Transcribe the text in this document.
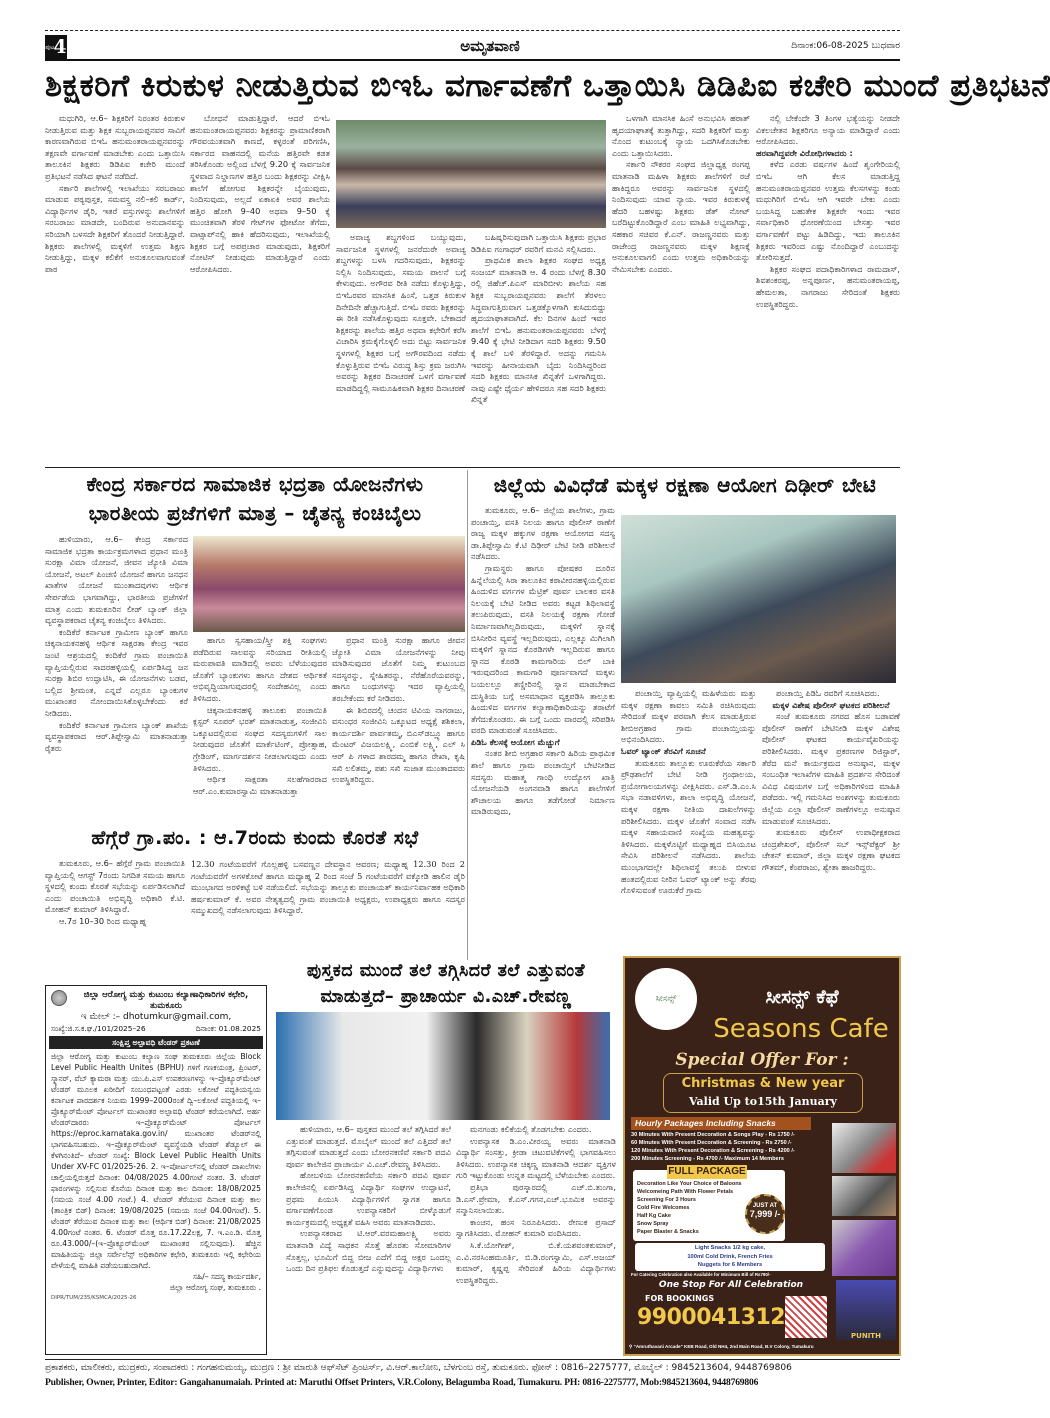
ಪುಟ 4	ಅಮೃತವಾಣಿ	ದಿನಾಂಕ:06-08-2025 ಬುಧವಾರ
ಶಿಕ್ಷಕರಿಗೆ ಕಿರುಕುಳ ನೀಡುತ್ತಿರುವ ಬಿಇಓ ವರ್ಗಾವಣೆಗೆ ಒತ್ತಾಯಿಸಿ ಡಿಡಿಪಿಐ ಕಚೇರಿ ಮುಂದೆ ಪ್ರತಿಭಟನೆ

ಮಧುಗಿರಿ, ಆ.6– ಶಿಕ್ಷಕರಿಗೆ ನಿರಂತರ ಕಿರುಕುಳ ನೀಡುತ್ತಿರುವ ಮತ್ತು ಶಿಕ್ಷಕ ಸುಬ್ಬರಾಯಪ್ಪನವರ ಸಾವಿಗೆ ಕಾರಣವಾಗಿರುವ ಬಿಇಓ ಹನುಮಂತರಾಯಪ್ಪನವರನ್ನು ತಕ್ಷಣವೇ ವರ್ಗಾವಣೆ ಮಾಡಬೇಕು ಎಂದು ಒತ್ತಾಯಿಸಿ ತಾಲೂಕಿನ ಶಿಕ್ಷಕರು ಡಿಡಿಪಿಐ ಕಚೇರಿ ಮುಂದೆ ಪ್ರತಿಭಟನೆ ನಡೆಸಿದ ಘಟನೆ ನಡೆದಿದೆ.

ಸರ್ಕಾರಿ ಶಾಲೆಗಳಲ್ಲಿ ಇಲಾಖೆಯು ಸರಬರಾಜು ಮಾಡುವ ಪಠ್ಯಪುಸ್ತಕ, ಸಮವಸ್ತ್ರ ನಲಿ–ಕಲಿ ಕಾರ್ಡ್, ವಿದ್ಯಾರ್ಥಿಗಳ ಡೈರಿ, ಇತರೆ ವಸ್ತುಗಳನ್ನು ಶಾಲೆಗಳಿಗೆ ಸರಬರಾಜು ಮಾಡದೇ, ಬಂದಿರುವ ಅನುದಾನವನ್ನು ಸರಿಯಾಗಿ ಬಳಸದೇ ಶಿಕ್ಷಕರಿಗೆ ತೊಂದರೆ ನೀಡುತ್ತಿದ್ದಾರೆ. ಶಿಕ್ಷಕರು ಶಾಲೆಗಳಲ್ಲಿ ಮಕ್ಕಳಿಗೆ ಉತ್ತಮ ಶಿಕ್ಷಣ ನೀಡುತ್ತಿದ್ದು, ಮಕ್ಕಳ ಕಲಿಕೆಗೆ ಅನುಕೂಲವಾಗುವಂತೆ ಪಾಠ

ಬೋಧನೆ ಮಾಡುತ್ತಿದ್ದಾರೆ. ಆದರೆ ಬಿಇಓ ಹನುಮಂತರಾಯಪ್ಪನವರು ಶಿಕ್ಷಕರನ್ನು ಪ್ರಾಮಾಣಿಕರಾಗಿ ಗೌರವಯುತವಾಗಿ ಕಾಣದೆ, ಕಳ್ಳರಂತೆ ಪರಿಗಣಿಸಿ, ಸರ್ಕಾರದ ವಾಹನದಲ್ಲಿ ಮನೆಯ ಹತ್ತಿರವೇ ಕಡತ ತರಿಸಿಕೊಂಡು ಅಲ್ಲಿಂದ ಬೆಳಗ್ಗೆ 9.20 ಕ್ಕೆ ಸಾರ್ವಜನಿಕ ಸ್ಥಳವಾದ ನಿಲ್ದಾಣಗಳ ಹತ್ತಿರ ಬಂದು ಶಿಕ್ಷಕರನ್ನು ವೀಕ್ಷಿಸಿ ಶಾಲೆಗೆ ಹೋಗುವ ಶಿಕ್ಷಕರನ್ನೇ ಬೈಯುವುದು, ನಿಂದಿಸುವುದು, ಅಲ್ಲದೆ ಏಕಾಏಕಿ ಅವರ ಶಾಲೆಯ ಹತ್ತಿರ ಹೋಗಿ 9–40 ಅಥವಾ 9–50 ಕ್ಕೆ ಮುಂಚಿತವಾಗಿ ತೆರಳಿ ಗೇಟ್‌ಗಳ ಫೋಟೋ ತೆಗೆದು, ವಾಟ್ಸಾಪ್‌ನಲ್ಲಿ ಹಾಕಿ ಹೆದರಿಸುವುದು, ಇಲಾಖೆಯಲ್ಲಿ ಶಿಕ್ಷಕರ ಬಗ್ಗೆ ಅಪಪ್ರಚಾರ ಮಾಡುವುದು, ಶಿಕ್ಷಕರಿಗೆ ನೋಟಿಸ್ ನೀಡುವುದು ಮಾಡುತ್ತಿದ್ದಾರೆ ಎಂದು ಆರೋಪಿಸಿದರು.

ಅವಾಚ್ಯ ಶಬ್ದಗಳಿಂದ ಬಯ್ಯುವುದು, ಸಾರ್ವಜನಿಕ ಸ್ಥಳಗಳಲ್ಲಿ ಜನರೆದುರೇ ಅವಾಚ್ಯ ಶಬ್ದಗಳನ್ನು ಬಳಸಿ ಗದರಿಸುವುದು, ಶಿಕ್ಷಕರನ್ನು ನಿಲ್ಲಿಸಿ ನಿಂದಿಸುವುದು, ಸಮಯ ಪಾಲನೆ ಬಗ್ಗೆ ಕೇಳುವುದು. ಅಗೌರವ ರೀತಿ ನಡೆದು ಕೊಳ್ಳುತ್ತಿದ್ದು, ಬಿಇಓರವರ ಮಾನಸಿಕ ಹಿಂಸೆ, ಒತ್ತಡ ಕಿರುಕುಳ ದಿನೇದಿನೇ ಹೆಚ್ಚಾಗುತ್ತಿದೆ. ಬಿಇಓ ರವರು ಶಿಕ್ಷಕರನ್ನು ಈ ರೀತಿ ನಡೆಸಿಕೊಳ್ಳುವುದು ಸೂಕ್ತವೇ. ಬೇಕಾದರೆ ಶಿಕ್ಷಕರನ್ನು ಶಾಲೆಯ ಹತ್ತಿರ ಅಥವಾ ಕಛೇರಿಗೆ ಕರೆಸಿ ವಿಚಾರಿಸಿ ಕ್ರಮಕೈಗೊಳ್ಳಲಿ ಅದು ಬಿಟ್ಟು ಸಾರ್ವಜನಿಕ ಸ್ಥಳಗಳಲ್ಲಿ ಶಿಕ್ಷಕರ ಬಗ್ಗೆ ಅಗೌರವದಿಂದ ನಡೆದು ಕೊಳ್ಳುತ್ತಿರುವ ಬಿಇಓ ವಿರುದ್ಧ ಶಿಸ್ತು ಕ್ರಮ ಜರುಗಿಸಿ ಅವರನ್ನು ಶಿಕ್ಷಕರ ದಿನಾಚರಣೆ ಒಳಗೆ ವರ್ಗಾವಣೆ ಮಾಡದಿದ್ದಲ್ಲಿ ಸಾಮೂಹಿಕವಾಗಿ ಶಿಕ್ಷಕರ ದಿನಾಚರಣೆ

ಬಹಿಷ್ಕರಿಸುವುದಾಗಿ ಒತ್ತಾಯಿಸಿ ಶಿಕ್ಷಕರು ಪ್ರಭಾರ ಡಿಡಿಪಿಐ ಗಂಗಾಧರ್ ರವರಿಗೆ ಮನವಿ ಸಲ್ಲಿಸಿದರು.

ಪ್ರಾಥಮಿಕ ಶಾಲಾ ಶಿಕ್ಷಕರ ಸಂಘದ ಅಧ್ಯಕ್ಷ ಸಂಜಯ್ ಮಾತನಾಡಿ ಆ. 4 ರಂದು ಬೆಳಗ್ಗೆ 8.30 ರಲ್ಲಿ ಜಿಹೆಚ್.ಪಿಎಸ್ ಮಾರಿಬೀಳು ಶಾಲೆಯ ಸಹ ಶಿಕ್ಷಕ ಸುಬ್ಬರಾಯಪ್ಪನವರು ಶಾಲೆಗೆ ತೆರಳಲು ಸಿದ್ಧವಾಗುತ್ತಿರುವಾಗ ಒತ್ತಡಕ್ಕೊಳಗಾಗಿ ಕುಸಿದುಬಿದ್ದು ಹೃದಯಾಘಾತವಾಗಿದೆ. ಕೆಲ ದಿನಗಳ ಹಿಂದೆ ಇವರ ಶಾಲೆಗೆ ಬಿಇಓ ಹನುಮಂತರಾಯಪ್ಪನವರು ಬೆಳಗ್ಗೆ 9.40 ಕ್ಕೆ ಭೇಟಿ ನೀಡಿದಾಗ ಸದರಿ ಶಿಕ್ಷಕರು 9.50 ಕ್ಕೆ ಶಾಲೆ ಬಳಿ ತೆರಳಿದ್ದಾರೆ. ಅದನ್ನು ಗಮನಿಸಿ ಇವರನ್ನು ಹೀನಾಯವಾಗಿ ಬೈದು ನಿಂದಿಸಿದ್ದರಿಂದ ಸದರಿ ಶಿಕ್ಷಕರು ಮಾನಸಿಕ ಖಿನ್ನತೆಗೆ ಒಳಗಾಗಿದ್ದರು. ನಾವು ಎಷ್ಟೇ ಧೈರ್ಯ ಹೇಳಿದರೂ ಸಹ ಸದರಿ ಶಿಕ್ಷಕರು ಖಿನ್ನತೆ

ಒಳಗಾಗಿ ಮಾನಸಿಕ ಹಿಂಸೆ ಅನುಭವಿಸಿ ಹಠಾತ್ ಹೃದಯಾಘಾತಕ್ಕೆ ತುತ್ತಾಗಿದ್ದು, ಸದರಿ ಶಿಕ್ಷಕರಿಗೆ ಮತ್ತು ನೊಂದ ಕುಟುಂಬಕ್ಕೆ ನ್ಯಾಯ ಒದಗಿಸಿಕೊಡಬೇಕು ಎಂದು ಒತ್ತಾಯಿಸಿದರು.

ಸರ್ಕಾರಿ ನೌಕರರ ಸಂಘದ ಜಿಲ್ಲಾಧ್ಯಕ್ಷ ರಂಗಪ್ಪ ಮಾತನಾಡಿ ಮಹಿಳಾ ಶಿಕ್ಷಕರು ಶಾಲೆಗಳಿಗೆ ರಜೆ ಹಾಕಿದ್ದರೂ ಅವರನ್ನು ಸಾರ್ವಜನಿಕ ಸ್ಥಳದಲ್ಲಿ ನಿಂದಿಸುವುದು ಯಾವ ನ್ಯಾಯ. ಇವರ ಕಿರುಕುಳಕ್ಕೆ ಹೆದರಿ ಬಹಳಷ್ಟು ಶಿಕ್ಷಕರು ಡೆತ್ ನೋಟ್ ಬರೆದಿಟ್ಟುಕೊಂಡಿದ್ದಾರೆ ಎಂಬ ಮಾಹಿತಿ ಲಭ್ಯವಾಗಿದ್ದು, ಸಹಕಾರ ಸಚಿವರ ಕೆ.ಎನ್. ರಾಜಣ್ಣನವರು ಮತ್ತು ರಾಜೇಂದ್ರ ರಾಜಣ್ಣನವರು ಮಕ್ಕಳ ಶಿಕ್ಷಣಕ್ಕೆ ಅನುಕೂಲವಾಗಲಿ ಎಂದು ಉತ್ತಮ ಅಧಿಕಾರಿಯನ್ನು ನೇಮಿಸಬೇಕು ಎಂದರು.

ನಲ್ಲಿ ಬೇಕೆಂದೇ 3 ತಿಂಗಳ ಭತ್ಯೆಯನ್ನು ನೀಡದೇ ವಿಕಲಚೇತನ ಶಿಕ್ಷಕರಿಗೂ ಅನ್ಯಾಯ ಮಾಡಿದ್ದಾರೆ ಎಂದು ಆರೋಪಿಸಿದರು.

ಹರವಾಗಿದ್ದವರೇ ವಿರೋಧಿಗಳಾದರು :

ಕಳೆದ ಎರಡು ವರ್ಷಗಳ ಹಿಂದೆ ಶೃಂಗೇರಿಯಲ್ಲಿ ಬಿಇಓ ಆಗಿ ಕೆಲಸ ಮಾಡುತ್ತಿದ್ದ ಹನುಮಂತರಾಯಪ್ಪನವರ ಉತ್ತಮ ಕೆಲಸಗಳನ್ನು ಕಂಡು ಮಧುಗಿರಿಗೆ ಬಿಇಓ ಆಗಿ ಇವರೇ ಬೇಕು ಎಂದು ಬಯಸಿದ್ದ ಬಹುತೇಕ ಶಿಕ್ಷಕರೇ ಇಂದು ಇವರ ಸರ್ವಾಧಿಕಾರಿ ಧೋರಣೆಯಿಂದ ಬೇಸತ್ತು ಇವರ ವರ್ಗಾವಣೆಗೆ ಪಟ್ಟು ಹಿಡಿದಿದ್ದು, ಇದು ತಾಲೂಕಿನ ಶಿಕ್ಷಕರು ಇವರಿಂದ ಎಷ್ಟು ನೊಂದಿದ್ದಾರೆ ಎಂಬುದನ್ನು ತೋರಿಸುತ್ತದೆ.

ಶಿಕ್ಷಕರ ಸಂಘದ ಪದಾಧಿಕಾರಿಗಳಾದ ರಾಮದಾಸ್, ಶಿವಶಂಕರಪ್ಪ, ಅನ್ನಪೂರ್ಣ, ಹನುಮಂತರಾಯಪ್ಪ, ಹೇಮಲತಾ, ನಾಗರಾಜು ಸೇರಿದಂತೆ ಶಿಕ್ಷಕರು ಉಪಸ್ಥಿತರಿದ್ದರು.

ಕೇಂದ್ರ ಸರ್ಕಾರದ ಸಾಮಾಜಿಕ ಭದ್ರತಾ ಯೋಜನೆಗಳು
ಭಾರತೀಯ ಪ್ರಜೆಗಳಿಗೆ ಮಾತ್ರ – ಚೈತನ್ಯ ಕಂಚಿಬೈಲು

ಹುಳಿಯಾರು, ಆ.6– ಕೇಂದ್ರ ಸರ್ಕಾರದ ಸಾಮಾಜಿಕ ಭದ್ರತಾ ಕಾರ್ಯಕ್ರಮಗಳಾದ ಪ್ರಧಾನ ಮಂತ್ರಿ ಸುರಕ್ಷಾ ವಿಮಾ ಯೋಜನೆ, ಜೀವನ ಜ್ಯೋತಿ ವಿಮಾ ಯೋಜನೆ, ಅಟಲ್ ಪಿಂಚಣಿ ಯೋಜನೆ ಹಾಗೂ ಜನಧನ ಖಾತೆಗಳ ಯೋಜನೆ ಮುಂತಾದವುಗಳು ಆರ್ಥಿಕ ಸೇರ್ಪಡೆಯ ಭಾಗವಾಗಿದ್ದು, ಭಾರತೀಯ ಪ್ರಜೆಗಳಿಗೆ ಮಾತ್ರ ಎಂದು ತುಮಕೂರಿನ ಲೀಡ್ ಬ್ಯಾಂಕ್ ಜಿಲ್ಲಾ ವ್ಯವಸ್ಥಾಪಕರಾದ ಚೈತನ್ಯ ಕಂಚಿಬೈಲು ತಿಳಿಸಿದರು.

ಕಂದಿಕೆರೆ ಕರ್ನಾಟಕ ಗ್ರಾಮೀಣ ಬ್ಯಾಂಕ್ ಹಾಗೂ ಚಿಕ್ಕನಾಯಕನಹಳ್ಳಿ ಆರ್ಥಿಕ ಸಾಕ್ಷರತಾ ಕೇಂದ್ರ ಇವರ ಜಂಟಿ ಆಶ್ರಯದಲ್ಲಿ ಕಂದಿಕೆರೆ ಗ್ರಾಮ ಪಂಚಾಯಿತಿ ವ್ಯಾಪ್ತಿಯಲ್ಲಿರುವ ಸಾದರಹಳ್ಳಿಯಲ್ಲಿ ಏರ್ಪಡಿಸಿದ್ದ ಜನ ಸುರಕ್ಷಾ ಶಿಬಿರ ಉದ್ಘಾಟಿಸಿ, ಈ ಯೋಜನೆಗಳು ಬಡವ, ಬಲ್ಲಿದ ಶ್ರೀಮಂತ, ಎನ್ನದೆ ಎಲ್ಲರೂ ಬ್ಯಾಂಕುಗಳ ಮುಖಾಂತರ ನೋಂದಾಯಿಸಿಕೊಳ್ಳಬೇಕೆಂದು ಕರೆ ನೀಡಿದರು.

ಕಂದಿಕೆರೆ ಕರ್ನಾಟಕ ಗ್ರಾಮೀಣ ಬ್ಯಾಂಕ್ ಶಾಖೆಯ ವ್ಯವಸ್ಥಾಪಕರಾದ ಆರ್.ತಿಪ್ಪೇಸ್ವಾಮಿ ಮಾತನಾಡುತ್ತಾ ರೈತರು

ಹಾಗೂ ಸ್ವಸಹಾಯ/ಸ್ತ್ರೀ ಶಕ್ತಿ ಸಂಘಗಳು ಪಡೆದಿರುವ ಸಾಲವನ್ನು ಸರಿಯಾದ ರೀತಿಯಲ್ಲಿ ಮರುಪಾವತಿ ಮಾಡಿದಲ್ಲಿ ಅವರು ಬೆಳೆಯುವುದರ ಜೊತೆಗೆ ಬ್ಯಾಂಕುಗಳು ಹಾಗೂ ದೇಶದ ಆರ್ಥಿಕತೆ ಅಭಿವೃದ್ಧಿಯಾಗುವುದರಲ್ಲಿ ಸಂದೇಹವಿಲ್ಲ ಎಂದು ತಿಳಿಸಿದರು.

ಚಿಕ್ಕನಾಯಕನಹಳ್ಳಿ ತಾಲೂಕು ಪಂಚಾಯಿತಿ ಕ್ಲಸ್ಟರ್ ಸೂಪರ್ ಭರತ್ ಮಾತನಾಡುತ್ತ, ಸಂಜೀವಿನಿ ಒಕ್ಕೂಟದಲ್ಲಿರುವ ಸಂಘದ ಸದಸ್ಯರುಗಳಿಗೆ ಸಾಲ ನೀಡುವುದರ ಜೊತೆಗೆ ಮಾರ್ಕೆಟಿಂಗ್, ಪ್ರೋತ್ಸಾಹ, ಗ್ರೇಡಿಂಗ್, ಮಾರ್ಗದರ್ಶನ ನೀಡಲಾಗುವುದು ಎಂದು ತಿಳಿಸಿದರು.

ಆರ್ಥಿಕ ಸಾಕ್ಷರತಾ ಸಲಹೆಗಾರರಾದ ಆರ್.ಎಂ.ಕುಮಾರಸ್ವಾಮಿ ಮಾತನಾಡುತ್ತಾ

ಪ್ರಧಾನ ಮಂತ್ರಿ ಸುರಕ್ಷಾ ಹಾಗೂ ಜೀವನ ಜ್ಯೋತಿ ವಿಮಾ ಯೋಜನೆಗಳನ್ನು ನೀವು ಮಾಡಿಸುವುದರ ಜೊತೆಗೆ ನಿಮ್ಮ ಕುಟುಂಬದ ಸದಸ್ಯರನ್ನು, ಸ್ನೇಹಿತರನ್ನು, ನೆರೆಹೊರೆಯವರನ್ನು, ಹಾಗೂ ಬಂಧುಗಳನ್ನು ಇದರ ವ್ಯಾಪ್ತಿಯಲ್ಲಿ ತರಬೇಕೆಂದು ಕರೆ ನೀಡಿದರು.

ಈ ಶಿಬಿರದಲ್ಲಿ ಚಂದನ ಟಿವಿಯ ನಾಗರಾಜು, ವಸುಂಧರ ಸಂಜೀವಿನಿ ಒಕ್ಕೂಟದ ಅಧ್ಯಕ್ಷೆ ಶಶಿಕಲಾ, ಕಾರ್ಯದರ್ಶಿ ಪಾರ್ವತಮ್ಮ, ಬಿಎಸ್‌ಡಬ್ಲ್ಯೂ ಹಾಗೂ ಮೆಂಟರ್ ವಿಜಯಲಕ್ಷ್ಮಿ, ಎಂಬಿಕೆ ಲಕ್ಷ್ಮಿ, ಎಲ್ ಸಿ ಆರ್ ಪಿ ಗಳಾದ ಶಾರದಮ್ಮ ಹಾಗೂ ರೇಖಾ, ಕೃಷಿ ಸಖಿ ಲಲಿತಮ್ಮ, ಪಶು ಸಖಿ ಸುಜಾತ ಮುಂತಾದವರು ಉಪಸ್ಥಿತರಿದ್ದರು.

ಜಿಲ್ಲೆಯ ವಿವಿಧೆಡೆ ಮಕ್ಕಳ ರಕ್ಷಣಾ ಆಯೋಗ ದಿಢೀರ್ ಬೇಟಿ

ತುಮಕೂರು, ಆ.6– ಜಿಲ್ಲೆಯ ಶಾಲೆಗಳು, ಗ್ರಾಮ ಪಂಚಾಯ್ತಿ, ವಸತಿ ನಿಲಯ ಹಾಗೂ ಪೊಲೀಸ್ ಠಾಣೆಗೆ ರಾಜ್ಯ ಮಕ್ಕಳ ಹಕ್ಕುಗಳ ರಕ್ಷಣಾ ಆಯೋಗದ ಸದಸ್ಯ ಡಾ.ತಿಪ್ಪೇಸ್ವಾಮಿ ಕೆ.ಟಿ ದಿಢೀರ್ ಬೇಟಿ ನೀಡಿ ಪರಿಶೀಲನೆ ನಡೆಸಿದರು.

ಗ್ರಾಮಸ್ಥರು ಹಾಗೂ ಪೋಷಕರ ದೂರಿನ ಹಿನ್ನೆಲೆಯಲ್ಲಿ ಸಿರಾ ತಾಲೂಕಿನ ಕಠಾವೀರನಹಳ್ಳಿಯಲ್ಲಿರುವ ಹಿಂದುಳಿದ ವರ್ಗಗಳ ಮೆಟ್ರಿಕ್ ಪೂರ್ವ ಬಾಲಕರ ವಸತಿ ನಿಲಯಕ್ಕೆ ಬೇಟಿ ನೀಡಿದ ಅವರು ಕಟ್ಟಡ ಶಿಥಿಲಾವಸ್ಥೆ ತಲುಪಿರುವುದು, ವಸತಿ ನಿಲಯಕ್ಕೆ ರಕ್ಷಣಾ ಗೋಡೆ ನಿರ್ಮಾಣವಾಗಿಲ್ಲದಿರುವುದು, ಮಕ್ಕಳಿಗೆ ಸ್ನಾನಕ್ಕೆ ಬಿಸಿನೀರಿನ ವ್ಯವಸ್ಥೆ ಇಲ್ಲದಿರುವುದು, ಎಲ್ಲಕ್ಕೂ ಮಿಗಿಲಾಗಿ ಮಕ್ಕಳಿಗೆ ಸ್ನಾನದ ಕೊಠಡಿಗಳೇ ಇಲ್ಲದಿರುವ ಹಾಗೂ ಸ್ನಾನದ ಕೊಠಡಿ ಕಾಮಗಾರಿಯ ಬಿಲ್ ಬಾಕಿ ಇರುವುದರಿಂದ ಕಾಮಗಾರಿ ಪೂರ್ಣವಾಗದೆ ಮಕ್ಕಳು ಬಯಲಲ್ಲೂ ತಣ್ಣೀರಿನಲ್ಲಿ ಸ್ನಾನ ಮಾಡಬೇಕಾದ ದುಸ್ಥಿತಿಯ ಬಗ್ಗೆ ಅಸಮಾಧಾನ ವ್ಯಕ್ತಪಡಿಸಿ ತಾಲ್ಲೂಕು ಹಿಂದುಳಿದ ವರ್ಗಗಳ ಕಲ್ಯಾಣಾಧಿಕಾರಿಯನ್ನು ತರಾಟೆಗೆ ತೆಗೆದುಕೊಂಡರು. ಈ ಬಗ್ಗೆ ಒಂದು ವಾರದಲ್ಲಿ ಸರಿಪಡಿಸಿ ವರದಿ ಮಾಡುವಂತೆ ಸೂಚಿಸಿದರು.

ಪಿಡಿಓ ಕೆಲಸಕ್ಕೆ ಆಯೋಗ ಮೆಚ್ಚುಗೆ

ನಂತರ ಶೀಬಿ ಅಗ್ರಹಾರ ಸರ್ಕಾರಿ ಹಿರಿಯ ಪ್ರಾಥಮಿಕ ಶಾಲೆ ಹಾಗೂ ಗ್ರಾಮ ಪಂಚಾಯ್ತಿಗೆ ಬೇಟಿನೀಡಿದ ಸದಸ್ಯರು ಮಹಾತ್ಮ ಗಾಂಧಿ ಉದ್ಯೋಗ ಖಾತ್ರಿ ಯೋಜನೆಯಡಿ ಅಂಗನವಾಡಿ ಹಾಗೂ ಶಾಲೆಗಳಿಗೆ ಶೌಚಾಲಯ ಹಾಗೂ ತಡೆಗೋಡೆ ನಿರ್ಮಾಣ ಮಾಡಿರುವುದು,

ಪಂಚಾಯ್ತಿ ವ್ಯಾಪ್ತಿಯಲ್ಲಿ ಮಹಿಳೆಯರು ಮತ್ತು ಮಕ್ಕಳ ರಕ್ಷಣಾ ಕಾವಲು ಸಮಿತಿ ರಚಿಸಿರುವುದು ಸೇರಿದಂತೆ ಮಕ್ಕಳ ಪರವಾಗಿ ಕೆಲಸ ಮಾಡುತ್ತಿರುವ ಶೀಬಿಅಗ್ರಹಾರ ಗ್ರಾಮ ಪಂಚಾಯ್ತಿಯನ್ನು ಅಭಿನಂದಿಸಿದರು.

ಓವರ್ ಟ್ಯಾಂಕ್ ತೆರವಿಗೆ ಸೂಚನೆ

ತುಮಕೂರು ತಾಲ್ಲೂಕು ಊರುಕೆರೆಯ ಸರ್ಕಾರಿ ಪ್ರೌಢಶಾಲೆಗೆ ಬೇಟಿ ನೀಡಿ ಗ್ರಂಥಾಲಯ, ಪ್ರಯೋಗಾಲಯಗಳನ್ನು ವೀಕ್ಷಿಸಿದರು. ಎಸ್.ಡಿ.ಎಂ.ಸಿ ಸಭಾ ನಡಾವಳಿಗಳು, ಶಾಲಾ ಅಭಿವೃದ್ಧಿ ಯೋಜನೆ, ಮಕ್ಕಳ ರಕ್ಷಣಾ ನೀತಿಯ ದಾಖಲೆಗಳನ್ನು ಪರಿಶೀಲಿಸಿದರು. ಮಕ್ಕಳ ಜೊತೆಗೆ ಸಂವಾದ ನಡೆಸಿ ಮಕ್ಕಳ ಸಹಾಯವಾಣಿ ಸಂಖ್ಯೆಯ ಮಹತ್ವವನ್ನು ತಿಳಿಸಿದರು. ಮಕ್ಕಳೊಟ್ಟಿಗೆ ಮಧ್ಯಾಹ್ನದ ಬಿಸಿಯೂಟ ಸೇವಿಸಿ ಪರಿಶೀಲನೆ ನಡೆಸಿದರು. ಶಾಲೆಯ ಮುಂಭಾಗದಲ್ಲೇ ಶಿಥಿಲಾವಸ್ಥೆ ತಲುಪಿ ಬೀಳುವ ಹಂತದಲ್ಲಿರುವ ನೀರಿನ ಓವರ್ ಟ್ಯಾಂಕ್ ಅನ್ನು ತೆರವು ಗೊಳಿಸುವಂತೆ ಊರುಕೆರೆ ಗ್ರಾಮ

ಪಂಚಾಯ್ತಿ ಪಿಡಿಓ ರವರಿಗೆ ಸೂಚಿಸಿದರು.

ಮಕ್ಕಳ ವಿಶೇಷ ಪೊಲೀಸ್ ಘಟಕದ ಪರಿಶೀಲನೆ

ಸಂಜೆ ತುಮಕೂರು ನಗರದ ಹೊಸ ಬಡಾವಣೆ ಪೊಲೀಸ್ ಠಾಣೆಗೆ ಬೇಟಿನೀಡಿ ಮಕ್ಕಳ ವಿಶೇಷ ಪೊಲೀಸ್ ಘಟಕದ ಕಾರ್ಯವೈಖರಿಯನ್ನು ಪರಿಶೀಲಿಸಿದರು. ಮಕ್ಕಳ ಪ್ರಕರಣಗಳ ರಿಜಿಸ್ಟಾರ್, ತೆರೆದ ಮನೆ ಕಾರ್ಯಕ್ರಮದ ಅನುಷ್ಠಾನ, ಮಕ್ಕಳ ಸಂಬಂಧಿತ ಇಲಾಖೆಗಳ ಮಾಹಿತಿ ಪ್ರದರ್ಶನ ಸೇರಿದಂತೆ ವಿವಿಧ ವಿಷಯಗಳ ಬಗ್ಗೆ ಅಧಿಕಾರಿಗಳಿಂದ ಮಾಹಿತಿ ಪಡೆದರು. ಇಲ್ಲಿ ಗಮನಿಸಿದ ಅಂಶಗಳನ್ನು ತುಮಕೂರು ಜಿಲ್ಲೆಯ ಎಲ್ಲಾ ಪೊಲೀಸ್ ಠಾಣೆಗಳಲ್ಲೂ ಅನುಷ್ಠಾನ ಮಾಡುವಂತೆ ಸೂಚಿಸಿದರು.

ತುಮಕೂರು ಪೊಲೀಸ್ ಉಪಾಧೀಕ್ಷಕರಾದ ಚಂದ್ರಶೇಖರ್, ಪೊಲೀಸ್ ಸಬ್ ಇನ್ಸ್‌ಪೆಕ್ಟರ್ ಶ್ರೀ ಚೇತನ್ ಕುಮಾರ್, ಜಿಲ್ಲಾ ಮಕ್ಕಳ ರಕ್ಷಣಾ ಘಟಕದ ಗೌತಮ್, ಕೆಂಪರಾಜು, ಶ್ವೇತಾ ಹಾಜರಿದ್ದರು.

ಹೆಗ್ಗೆರೆ ಗ್ರಾ.ಪಂ. : ಆ.7ರಂದು ಕುಂದು ಕೊರತೆ ಸಭೆ

ತುಮಕೂರು, ಆ.6– ಹೆಗ್ಗೆರೆ ಗ್ರಾಮ ಪಂಚಾಯಿತಿ ವ್ಯಾಪ್ತಿಯಲ್ಲಿ ಆಗಸ್ಟ್ 7ರಂದು ನಿಗದಿತ ಸಮಯ ಹಾಗೂ ಸ್ಥಳದಲ್ಲಿ ಕುಂದು ಕೊರತೆ ಸಭೆಯನ್ನು ಏರ್ಪಡಿಸಲಾಗಿದೆ ಎಂದು ಪಂಚಾಯಿತಿ ಅಭಿವೃದ್ಧಿ ಅಧಿಕಾರಿ ಕೆ.ಟಿ. ಮೋಹನ್ ಕುಮಾರ್ ತಿಳಿಸಿದ್ದಾರೆ.

ಆ.7ರ 10–30 ರಿಂದ ಮಧ್ಯಾಹ್ನ

12.30 ಗಂಟೆಯವರೆಗೆ ಗೊಲ್ಲಹಳ್ಳಿ ಬಸವಣ್ಣನ ದೇವಸ್ಥಾನ ಆವರಣ; ಮಧ್ಯಾಹ್ನ 12.30 ರಿಂದ 2 ಗಂಟೆಯವರೆಗೆ ಅಗಳಕೋಟೆ ಹಾಗೂ ಮಧ್ಯಾಹ್ನ 2 ರಿಂದ ಸಂಜೆ 5 ಗಂಟೆಯವರೆಗೆ ವಕ್ಕೋಡಿ ಹಾಲಿನ ಡೈರಿ ಮುಂಭಾಗದ ಅರಳಿಕಟ್ಟೆ ಬಳಿ ನಡೆಯಲಿದೆ. ಸಭೆಯನ್ನು ತಾಲ್ಲೂಕು ಪಂಚಾಯತ್ ಕಾರ್ಯನಿರ್ವಾಹಕ ಅಧಿಕಾರಿ ಹರ್ಷಕುಮಾರ್ ಕೆ. ಅವರ ನೇತೃತ್ವದಲ್ಲಿ ಗ್ರಾಮ ಪಂಚಾಯಿತಿ ಅಧ್ಯಕ್ಷರು, ಉಪಾಧ್ಯಕ್ಷರು ಹಾಗೂ ಸದಸ್ಯರ ಸಮ್ಮುಖದಲ್ಲಿ ನಡೆಸಲಾಗುವುದು ತಿಳಿಸಿದ್ದಾರೆ.
ಜಿಲ್ಲಾ ಆರೋಗ್ಯ ಮತ್ತು ಕುಟುಂಬ ಕಲ್ಯಾಣಾಧಿಕಾರಿಗಳ ಕಛೇರಿ, ತುಮಕೂರು
ಇ ಮೇಲ್ :– dhotumkur@gmail.com,
ಸಂಖ್ಯೆ:ಜಿ.ಸ.ಕ.ಘ./101/2025–26	ದಿನಾಂಕ: 01.08.2025
ಸಂಕ್ಷಿಪ್ತ ಅಲ್ಪಾವಧಿ ಟೆಂಡರ್ ಪ್ರಕಟಣೆ
ಜಿಲ್ಲಾ ಆರೋಗ್ಯ ಮತ್ತು ಕುಟುಂಬ ಕಲ್ಯಾಣ ಸಂಘ ತುಮಕೂರು ಜಿಲ್ಲೆಯ Block Level Public Health Unites (BPHU) ಗಳಿಗೆ ಗಣಕಯಂತ್ರ, ಪ್ರಿಂಟರ್, ಸ್ಕ್ಯಾನರ್, ವೆಬ್ ಕ್ಯಾಮರಾ ಮತ್ತು ಯು.ಪಿ.ಎಸ್ ಉಪಕರಣಗಳನ್ನು ಇ–ಪ್ರೊಕ್ಯೂರ್‌ಮೆಂಟ್ ಟೆಂಡರ್ ಮೂಲಕ ಖರೀದಿಗೆ ಸಂಬಂಧಪಟ್ಟಂತೆ ಎರಡು ಲಕೋಟೆ ಪದ್ಧತಿಯನ್ವಯ ಕರ್ನಾಟಕ ಪಾರದರ್ಶಕ ನಿಯಮ 1999–2000ರಂತೆ ದ್ವಿ–ಲಕೋಟೆ ಪದ್ಧತಿಯಲ್ಲಿ ಇ–ಪ್ರೊಕ್ಯೂರ್‌ಮೆಂಟ್ ಪೋರ್ಟಲ್ ಮುಖಾಂತರ ಅಲ್ಪಾವಧಿ ಟೆಂಡರ್ ಕರೆಯಲಾಗಿದೆ. ಅರ್ಹ ಟೆಂಡರ್‌ದಾರರು ಇ–ಪ್ರೊಕ್ಯೂರ್‌ಮೆಂಟ್ ಪೋರ್ಟಲ್ https://eproc.karnataka.gov.in/ ಮುಖಾಂತರ ಟೆಂಡರ್‌ನಲ್ಲಿ ಭಾಗವಹಿಸಬಹುದು. ಇ–ಪ್ರೊಕ್ಯೂರ್‌ಮೆಂಟ್ ವ್ಯವಸ್ಥೆಯಡಿ ಟೆಂಡರ್ ಶೆಡ್ಯೂಲ್ ಈ ಕೆಳಗಿನಂತಿದೆ– ಟೆಂಡರ್ ಸಂಖ್ಯೆ: Block Level Public Health Units Under XV-FC 01/2025-26. 2. ಇ–ಪೋರ್ಟಲ್‌ನಲ್ಲಿ ಟೆಂಡರ್ ದಾಖಲೆಗಳು ಚಾಲ್ತಿಯಲ್ಲಿರುತ್ತದೆ ದಿನಾಂಕ: 04/08/2025 4.00ಗಂಟೆ ನಂತರ. 3. ಟೆಂಡರ್ ಫಾರಂಗಳನ್ನು ಸಲ್ಲಿಸುವ ಕೊನೆಯ ದಿನಾಂಕ ಮತ್ತು ಕಾಲ ದಿನಾಂಕ: 18/08/2025 (ಸಮಯ ಸಂಜೆ 4.00 ಗಂಟೆ.) 4. ಟೆಂಡರ್ ತೆರೆಯುವ ದಿನಾಂಕ ಮತ್ತು ಕಾಲ (ತಾಂತ್ರಿಕ ಬಿಡ್) ದಿನಾಂಕ: 19/08/2025 (ಸಮಯ ಸಂಜೆ 04.00ಗಂಟೆ). 5. ಟೆಂಡರ್ ತೆರೆಯುವ ದಿನಾಂಕ ಮತ್ತು ಕಾಲ (ಆರ್ಥಿಕ ಬಿಡ್) ದಿನಾಂಕ: 21/08/2025 4.00ಗಂಟೆ ನಂತರ. 6. ಟೆಂಡರ್ ಮೊತ್ತ ರೂ.17.22ಲಕ್ಷ, 7. ಇ.ಎಂ.ಡಿ. ಮೊತ್ತ ರೂ.43.000/–(ಇ–ಪ್ರೊಕ್ಯೂರ್‌ಮೆಂಟ್ ಮುಖಾಂತರ ಸಲ್ಲಿಸುವುದು). ಹೆಚ್ಚಿನ ಮಾಹಿತಿಯನ್ನು ಜಿಲ್ಲಾ ಸರ್ವೇಲೆನ್ಸ್ ಅಧಿಕಾರಿಗಳ ಕಛೇರಿ, ತುಮಕೂರು ಇಲ್ಲಿ ಕಛೇರಿಯ ವೇಳೆಯಲ್ಲಿ ಮಾಹಿತಿ ಪಡೆಯಬಹುದಾಗಿದೆ.
ಸಹಿ/– ಸದಸ್ಯ ಕಾರ್ಯದರ್ಶಿ,
ಜಿಲ್ಲಾ ಆರೋಗ್ಯ ಸಂಘ, ತುಮಕೂರು .
DIPR/TUM/235/KSMCA/2025-26
ಪುಸ್ತಕದ ಮುಂದೆ ತಲೆ ತಗ್ಗಿಸಿದರೆ ತಲೆ ಎತ್ತುವಂತೆ
ಮಾಡುತ್ತದೆ– ಪ್ರಾಚಾರ್ಯ ವಿ.ಎಚ್.ರೇವಣ್ಣ

ಹುಳಿಯಾರು, ಆ.6– ಪುಸ್ತಕದ ಮುಂದೆ ತಲೆ ತಗ್ಗಿಸಿದರೆ ತಲೆ ಎತ್ತುವಂತೆ ಮಾಡುತ್ತದೆ. ಮೊಬೈಲ್ ಮುಂದೆ ತಲೆ ಎತ್ತಿದರೆ ತಲೆ ತಗ್ಗಿಸುವಂತೆ ಮಾಡುತ್ತದೆ ಎಂದು ಬೋರನಕಣಿವೆ ಸರ್ಕಾರಿ ಪದವಿ ಪೂರ್ವ ಕಾಲೇಜಿನ ಪ್ರಾಚಾರ್ಯ ವಿ.ಎಚ್.ರೇವಣ್ಣ ತಿಳಿಸಿದರು.

ಹೋಬಳಿಯ ಬೋರನಕಣಿವೆಯ ಸರ್ಕಾರಿ ಪದವಿ ಪೂರ್ವ ಕಾಲೇಜಿನಲ್ಲಿ ಏರ್ಪಡಿಸಿದ್ದ ವಿದ್ಯಾರ್ಥಿ ಸಂಘಗಳ ಉದ್ಘಾಟನೆ, ಪ್ರಥಮ ಪಿಯುಸಿ ವಿದ್ಯಾರ್ಥಿಗಳಿಗೆ ಸ್ವಾಗತ ಹಾಗೂ ವರ್ಗಾವಣೆಗೊಂಡ ಉಪನ್ಯಾಸಕರಿಗೆ ಬೀಳ್ಕೊಡುಗೆ ಕಾರ್ಯಕ್ರಮದಲ್ಲಿ ಅಧ್ಯಕ್ಷತೆ ವಹಿಸಿ ಅವರು ಮಾತನಾಡಿದರು.

ಉಪನ್ಯಾಸಕರಾದ ಟಿ.ಆರ್.ವರಮಹಾಲಕ್ಷ್ಮಿ ಅವರು ಮಾತನಾಡಿ ವಿದ್ಯೆ ಸಾಧಕನ ಸೊತ್ತೆ ಹೊರತು ಸೋಮಾರಿಗಳ ಸೊತ್ತಲ್ಲ, ಭೂಮಿಗೆ ಬಿದ್ದ ಬೀಜ ಎದೆಗೆ ಬಿದ್ದ ಅಕ್ಷರ ಒಂದಲ್ಲ ಒಂದು ದಿನ ಪ್ರತಿಫಲ ಕೊಡುತ್ತದೆ ಎನ್ನುವುದನ್ನು ವಿದ್ಯಾರ್ಥಿಗಳು

ಮನಗಂಡು ಕಲಿಕೆಯಲ್ಲಿ ತೊಡಗಬೇಕು ಎಂದರು.

ಉಪನ್ಯಾಸಕ ಡಿ.ಎಂ.ವೀರಯ್ಯ ಅವರು ಮಾತನಾಡಿ ವಿದ್ಯಾರ್ಥಿ ಸಂಸತ್ತು, ಕ್ರೀಡಾ ಚಟುವಟಿಕೆಗಳಲ್ಲಿ ಭಾಗವಹಿಸಲು ತಿಳಿಸಿದರು. ಉಪನ್ಯಾಸಕ ಚಿಕ್ಕಣ್ಣ ಮಾತನಾಡಿ ಆದರ್ಶ ವ್ಯಕ್ತಿಗಳ ಗುರಿ ಇಟ್ಟುಕೊಂಡು ಉನ್ನತ ಮಟ್ಟದಲ್ಲಿ ಬೆಳೆಯಬೇಕು ಎಂದರು.

ಪ್ರತಿಭಾ ಪುರಸ್ಕಾರದಲ್ಲಿ ಎಚ್.ಬಿ.ತುಂಗಾ, ಡಿ.ಎಸ್.ಪ್ರೇಮಾ, ಕೆ.ಎಸ್.ಗಗನ,ಎಚ್.ಭೂಮಿಕ ಅವರನ್ನು ಸನ್ಮಾನಿಸಲಾಯಿತು.

ಕಾಂಚನ, ಹಂಸ ನಿರೂಪಿಸಿದರು. ರೇಣುಕ ಪ್ರಸಾದ್ ಸ್ವಾಗತಿಸಿದರು. ಮೋಹನ್ ಕುಮಾರಿ ವಂದಿಸಿದರು.

ಸಿ.ಕೆ.ಯೋಗೀಶ್, ಬಿ.ಕೆ.ಯಶವಂತಕುಮಾರ್, ಎ.ವಿ.ನರಸಿಂಹಮೂರ್ತಿ, ಬಿ.ಡಿ.ರಂಗಸ್ವಾಮಿ, ಎಸ್.ಅಜಯ್ ಕುಮಾರ್, ಕೃಷ್ಣಪ್ಪ ಸೇರಿದಂತೆ ಹಿರಿಯ ವಿದ್ಯಾರ್ಥಿಗಳು ಉಪಸ್ಥಿತರಿದ್ದರು.

ಸೀಸನ್ಸ್	ಸೀಸನ್ಸ್ ಕೆಫೆ
Seasons Cafe
Special Offer For :
Christmas & New year
Valid Up to15th January
Hourly Packages Including Snacks
30 Minutes With Present Decoration & Songs Play - Rs 1750 /-
60 Minutes With Present Decoration & Screening - Rs 2750 /-
120 Minutes With Present Decoration & Screening - Rs 4200 /-
200 Minutes Screening - Rs 4700 /- Maximum 14 Members
FULL PACKAGE
Decoration Like Your Choice of Baloons
Welcomeing Path With Flower Petals
Screening For 3 Hours
Cold Fire Welcomes
Half Kg Cake
Snow Spray
Paper Blaster & Snacks
JUST AT
7,999 /-
Light Snacks 1/2 kg cake,
100ml Cold Drink, French Fries
Nuggets for 6 Members
For Catering Celebration also Available for Minimum Bill of Rs790/-
One Stop For All Celebration
FOR BOOKINGS
9900041312
PUNITH
⚲ "Amruthavani Arcade" KEB Road, Old NH4, 2nd Main Road, B.V Colony, Tumakuru
ಪ್ರಕಾಶಕರು, ಮಾಲೀಕರು, ಮುದ್ರಕರು, ಸಂಪಾದಕರು : ಗಂಗಹನುಮಯ್ಯ, ಮುದ್ರಣ : ಶ್ರೀ ಮಾರುತಿ ಆಫ್‌ಸೆಟ್ ಪ್ರಿಂಟರ್ಸ್, ವಿ.ಆರ್.ಕಾಲೋನಿ, ಬೆಳಗುಂಬ ರಸ್ತೆ, ತುಮಕೂರು. ಫೋನ್ : 0816–2275777, ಮೊಬೈಲ್ : 9845213604, 9448769806
Publisher, Owner, Printer, Editor: Gangahanumaiah. Printed at: Maruthi Offset Printers, V.R.Colony, Belagumba Road, Tumakuru. PH: 0816-2275777, Mob:9845213604, 9448769806
